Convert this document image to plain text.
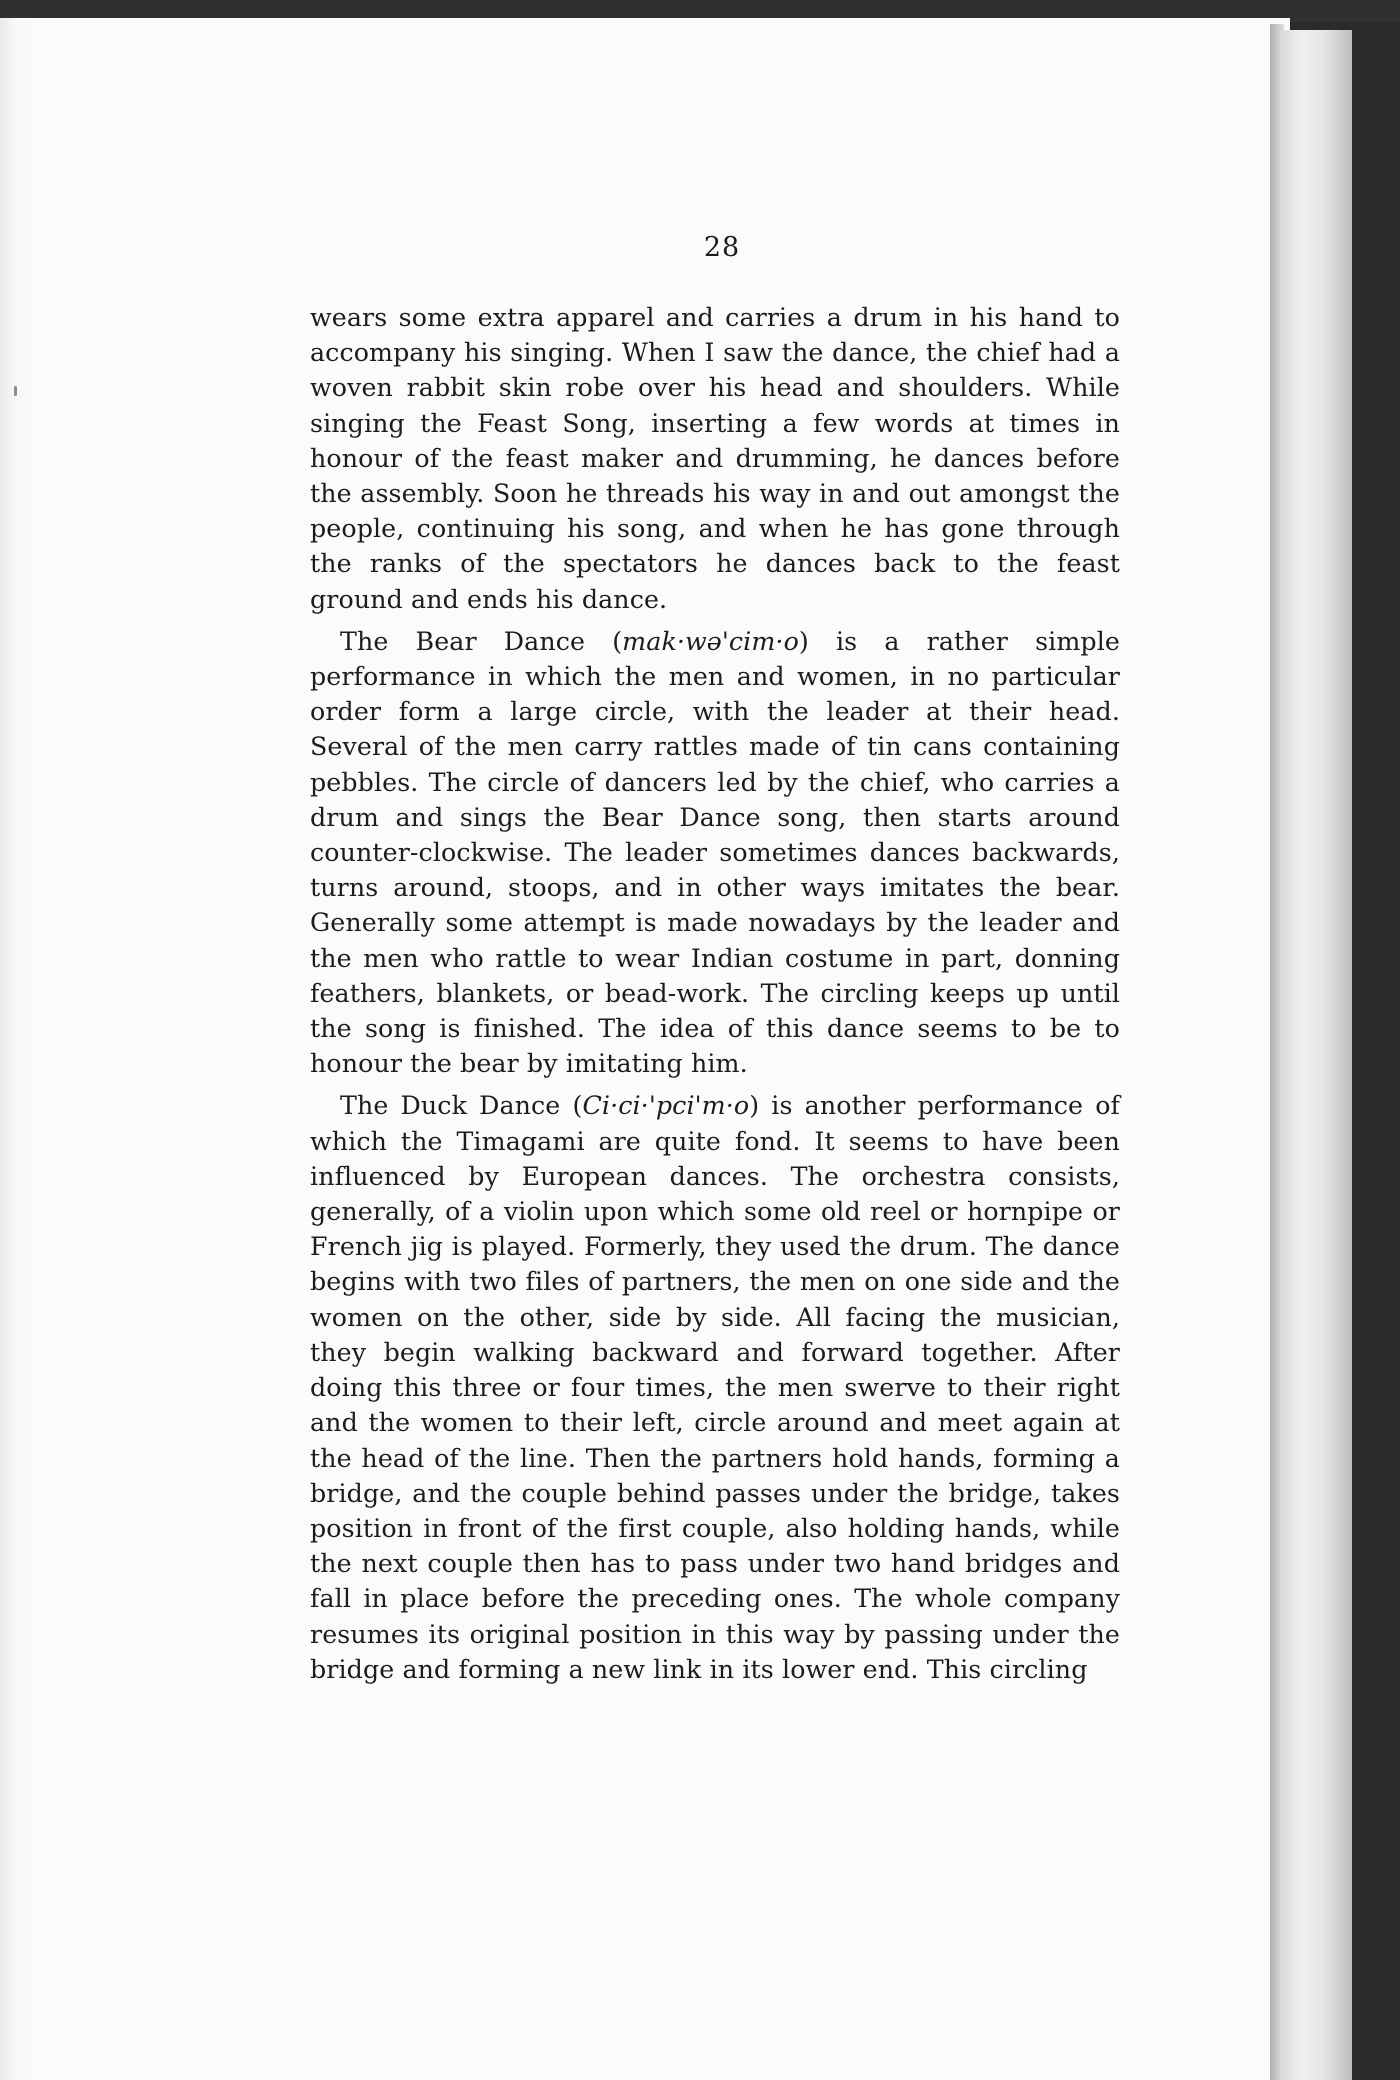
28

wears some extra apparel and carries a drum in his hand to accompany his singing. When I saw the dance, the chief had a woven rabbit skin robe over his head and shoulders. While singing the Feast Song, inserting a few words at times in honour of the feast maker and drumming, he dances before the assembly. Soon he threads his way in and out amongst the people, continuing his song, and when he has gone through the ranks of the spectators he dances back to the feast ground and ends his dance.

The Bear Dance (mak·wə'cim·o) is a rather simple performance in which the men and women, in no particular order form a large circle, with the leader at their head. Several of the men carry rattles made of tin cans containing pebbles. The circle of dancers led by the chief, who carries a drum and sings the Bear Dance song, then starts around counter-clockwise. The leader sometimes dances backwards, turns around, stoops, and in other ways imitates the bear. Generally some attempt is made nowadays by the leader and the men who rattle to wear Indian costume in part, donning feathers, blankets, or bead-work. The circling keeps up until the song is finished. The idea of this dance seems to be to honour the bear by imitating him.

The Duck Dance (Ci·ci·'pci'm·o) is another performance of which the Timagami are quite fond. It seems to have been influenced by European dances. The orchestra consists, generally, of a violin upon which some old reel or hornpipe or French jig is played. Formerly, they used the drum. The dance begins with two files of partners, the men on one side and the women on the other, side by side. All facing the musician, they begin walking backward and forward together. After doing this three or four times, the men swerve to their right and the women to their left, circle around and meet again at the head of the line. Then the partners hold hands, forming a bridge, and the couple behind passes under the bridge, takes position in front of the first couple, also holding hands, while the next couple then has to pass under two hand bridges and fall in place before the preceding ones. The whole company resumes its original position in this way by passing under the bridge and forming a new link in its lower end. This circling
